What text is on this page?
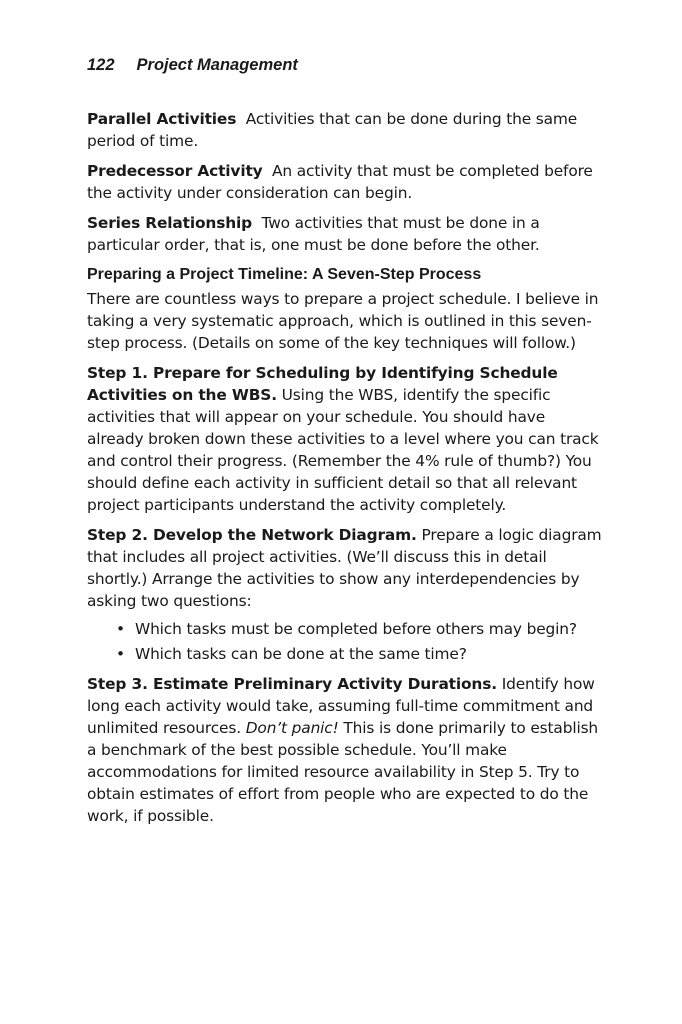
122 Project Management

Parallel Activities Activities that can be done during the same period of time.

Predecessor Activity An activity that must be completed before the activity under consideration can begin.

Series Relationship Two activities that must be done in a particular order, that is, one must be done before the other.

Preparing a Project Timeline: A Seven-Step Process

There are countless ways to prepare a project schedule. I believe in taking a very systematic approach, which is outlined in this seven-step process. (Details on some of the key techniques will follow.)

Step 1. Prepare for Scheduling by Identifying Schedule Activities on the WBS. Using the WBS, identify the specific activities that will appear on your schedule. You should have already broken down these activities to a level where you can track and control their progress. (Remember the 4% rule of thumb?) You should define each activity in sufficient detail so that all relevant project participants understand the activity completely.

Step 2. Develop the Network Diagram. Prepare a logic diagram that includes all project activities. (We’ll discuss this in detail shortly.) Arrange the activities to show any interdependencies by asking two questions:

• Which tasks must be completed before others may begin?
• Which tasks can be done at the same time?

Step 3. Estimate Preliminary Activity Durations. Identify how long each activity would take, assuming full-time commitment and unlimited resources. Don’t panic! This is done primarily to establish a benchmark of the best possible schedule. You’ll make accommodations for limited resource availability in Step 5. Try to obtain estimates of effort from people who are expected to do the work, if possible.
